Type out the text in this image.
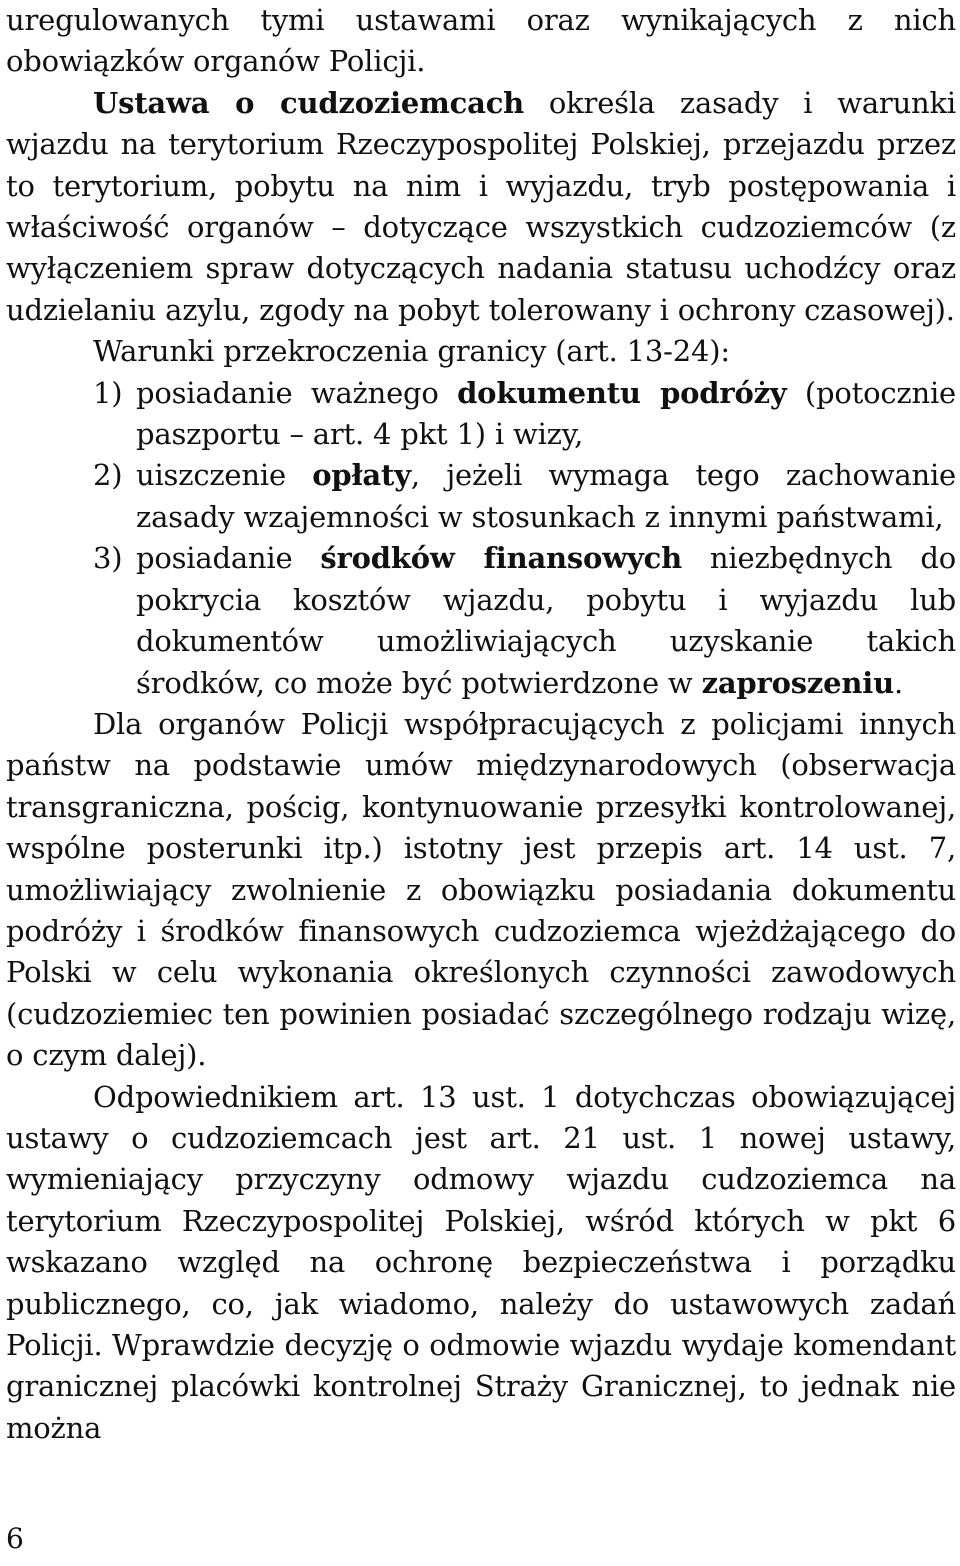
uregulowanych tymi ustawami oraz wynikających z nich obowiązków organów Policji.

Ustawa o cudzoziemcach określa zasady i warunki wjazdu na terytorium Rzeczypospolitej Polskiej, przejazdu przez to terytorium, pobytu na nim i wyjazdu, tryb postępowania i właściwość organów – dotyczące wszystkich cudzoziemców (z wyłączeniem spraw dotyczących nadania statusu uchodźcy oraz udzielaniu azylu, zgody na pobyt tolerowany i ochrony czasowej).

Warunki przekroczenia granicy (art. 13-24):

1) posiadanie ważnego dokumentu podróży (potocznie paszportu – art. 4 pkt 1) i wizy,
2) uiszczenie opłaty, jeżeli wymaga tego zachowanie zasady wzajemności w stosunkach z innymi państwami,
3) posiadanie środków finansowych niezbędnych do pokrycia kosztów wjazdu, pobytu i wyjazdu lub dokumentów umożliwiających uzyskanie takich środków, co może być potwierdzone w zaproszeniu.

Dla organów Policji współpracujących z policjami innych państw na podstawie umów międzynarodowych (obserwacja transgraniczna, pościg, kontynuowanie przesyłki kontrolowanej, wspólne posterunki itp.) istotny jest przepis art. 14 ust. 7, umożliwiający zwolnienie z obowiązku posiadania dokumentu podróży i środków finansowych cudzoziemca wjeżdżającego do Polski w celu wykonania określonych czynności zawodowych (cudzoziemiec ten powinien posiadać szczególnego rodzaju wizę, o czym dalej).

Odpowiednikiem art. 13 ust. 1 dotychczas obowiązującej ustawy o cudzoziemcach jest art. 21 ust. 1 nowej ustawy, wymieniający przyczyny odmowy wjazdu cudzoziemca na terytorium Rzeczypospolitej Polskiej, wśród których w pkt 6 wskazano względ na ochronę bezpieczeństwa i porządku publicznego, co, jak wiadomo, należy do ustawowych zadań Policji. Wprawdzie decyzję o odmowie wjazdu wydaje komendant granicznej placówki kontrolnej Straży Granicznej, to jednak nie można

6
